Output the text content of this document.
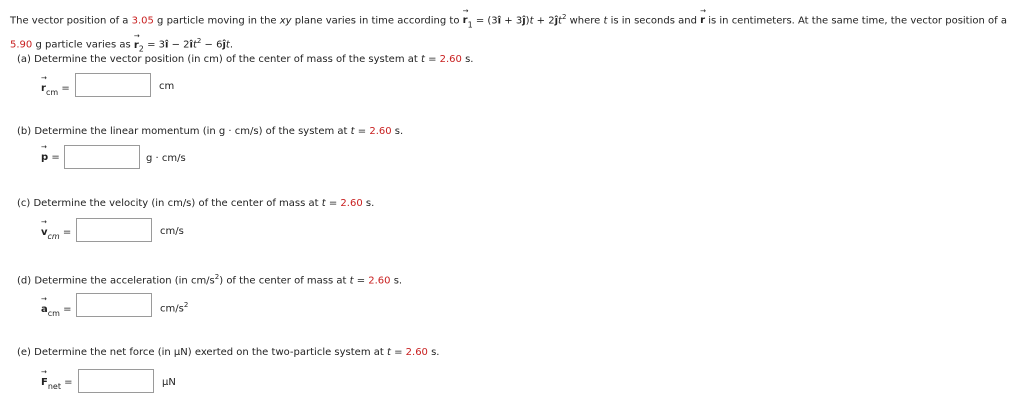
The vector position of a 3.05 g particle moving in the xy plane varies in time according to → $r_1$ = (3î + 3ĵ)t + $2ĵt^2$ where t is in seconds and → r is in centimeters. At the same time, the vector position of a
5.90 g particle varies as → $r_2$ = 3î − $2ît^2$ − 6ĵt.
(a) Determine the vector position (in cm) of the center of mass of the system at t = 2.60 s.
→ $r_{cm}$ =	cm
(b) Determine the linear momentum (in g · cm/s) of the system at t = 2.60 s.
→ p =	g · cm/s
(c) Determine the velocity (in cm/s) of the center of mass at t = 2.60 s.
→ $v_{cm}$ =	cm/s
(d) Determine the acceleration (in $cm/s^2$) of the center of mass at t = 2.60 s.
→ $a_{cm}$ =	$cm/s^2$
(e) Determine the net force (in µN) exerted on the two-particle system at t = 2.60 s.
→ $F_{net}$ =	µN
